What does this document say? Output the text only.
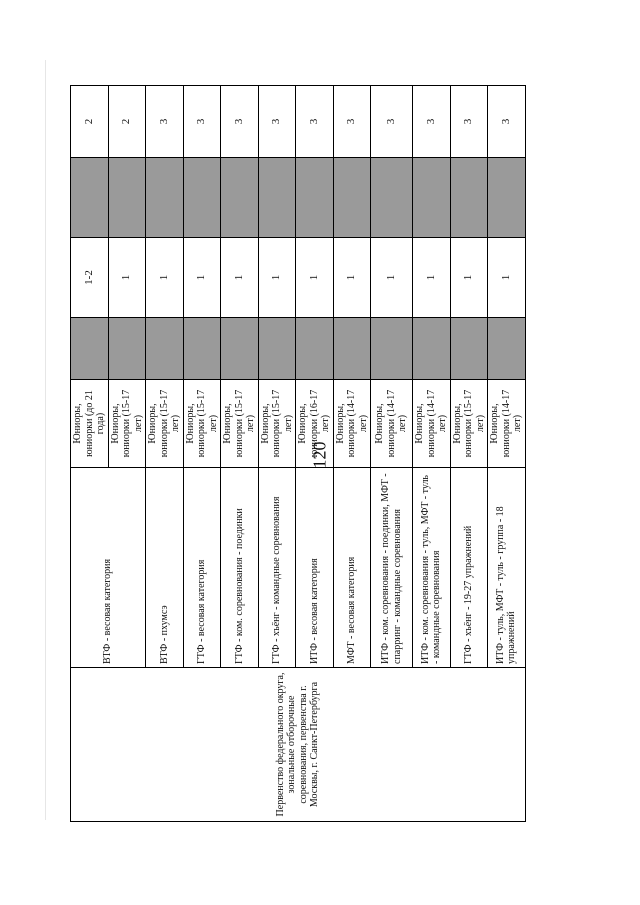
120
Первенство федерального округа, зональные отборочные соревнования, первенства г. Москвы, г. Санкт-Петербурга	ВТФ - весовая категория	Юниоры, юниорки (до 21 года)		1-2		2
		Юниоры, юниорки (15-17 лет)		1		2
	ВТФ - пхумсэ	Юниоры, юниорки (15-17 лет)		1		3
	ГТФ - весовая категория	Юниоры, юниорки (15-17 лет)		1		3
	ГТФ - ком. соревнования - поединки	Юниоры, юниорки (15-17 лет)		1		3
	ГТФ - хъёнг - командные соревнования	Юниоры, юниорки (15-17 лет)		1		3
	ИТФ - весовая категория	Юниоры, юниорки (16-17 лет)		1		3
	МФТ - весовая категория	Юниоры, юниорки (14-17 лет)		1		3
	ИТФ - ком. соревнования - поединки, МФТ - спарринг - командные соревнования	Юниоры, юниорки (14-17 лет)		1		3
	ИТФ - ком. соревнования - туль, МФТ - туль - командные соревнования	Юниоры, юниорки (14-17 лет)		1		3
	ГТФ - хъёнг - 19-27 упражнений	Юниоры, юниорки (15-17 лет)		1		3
	ИТФ - туль, МФТ - туль - группа - 18 упражнений	Юниоры, юниорки (14-17 лет)		1		3
